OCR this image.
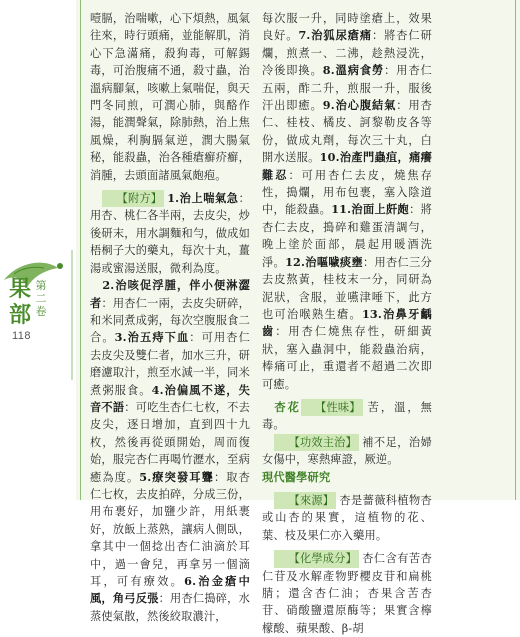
果部
第二卷
118

噎膈，治喘嗽，心下煩熱，風氣往來，時行頭痛，並能解肌，消心下急滿痛，殺狗毒，可解錫毒，可治腹痛不通，殺寸蟲，治溫病腳氣，咳嗽上氣喘促，與天門冬同煎，可潤心肺，與酪作湯，能潤聲氣，除肺熱，治上焦風燥，利胸膈氣逆，潤大腸氣秘，能殺蟲，治各種瘡癬疥癬，消腫，去頭面諸風氣皰疱。

【附方】 1.治上喘氣急：用杏、桃仁各半兩，去皮尖，炒後研末，用水調麵和勻，做成如梧桐子大的藥丸，每次十丸，薑湯或蜜湯送服，微利為度。

2.治咳促浮腫，伴小便淋澀者：用杏仁一兩，去皮尖研碎，和米同煮成粥，每次空腹服食二合。3.治五痔下血：可用杏仁去皮尖及雙仁者，加水三升，研磨濾取汁，煎至水減一半，同米煮粥服食。4.治偏風不遂，失音不語：可吃生杏仁七枚，不去皮尖，逐日增加，直到四十九枚，然後再從頭開始，周而復始，服完杏仁再喝竹瀝水，至病癒為度。5.療突發耳聾：取杏仁七枚，去皮拍碎，分成三份，用布裹好，加鹽少許，用紙裹好，放飯上蒸熟，讓病人側臥，拿其中一個捻出杏仁油滴於耳中，過一會兒，再拿另一個滴耳，可有療效。6.治金瘡中風，角弓反張：用杏仁搗碎，水蒸使氣散，然後絞取濃汁，

每次服一升，同時塗瘡上，效果良好。7.治狐尿瘡痛：將杏仁研爛，煎煮一、二沸，趁熱浸洗，冷後即換。8.溫病食勞：用杏仁五兩，酢二升，煎服一升，服後汗出即癒。9.治心腹結氣：用杏仁、桂枝、橘皮、訶黎勒皮各等份，做成丸劑，每次三十丸，白開水送服。10.治產門蟲疽，痛癢難忍：可用杏仁去皮，燒焦存性，搗爛，用布包裹，塞入陰道中，能殺蟲。11.治面上皯皰：將杏仁去皮，搗碎和雞蛋清調勻，晚上塗於面部，晨起用暖酒洗淨。12.治嘔噦痰壅：用杏仁三分去皮熬黃，桂枝末一分，同研為泥狀，含服，並嚥津唾下，此方也可治喉熟生瘡。13.治鼻牙齲齒：用杏仁燒焦存性，研細黃狀，塞入蟲洞中，能殺蟲治病，棒痛可止，重還者不超過二次即可癒。

杏花 【性味】 苦，溫，無毒。

【功效主治】 補不足，治婦女傷中，寒熱痺證，厥逆。

現代醫學研究

【來源】 杏是薔薇科植物杏或山杏的果實，這植物的花、葉、枝及果仁亦入藥用。

【化學成分】 杏仁含有苦杏仁苷及水解產物野櫻皮苷和扁桃腈；還含杏仁油；杏果含苦杏苷、硝酸鹽還原酶等；果實含檸檬酸、蘋果酸、β-胡
